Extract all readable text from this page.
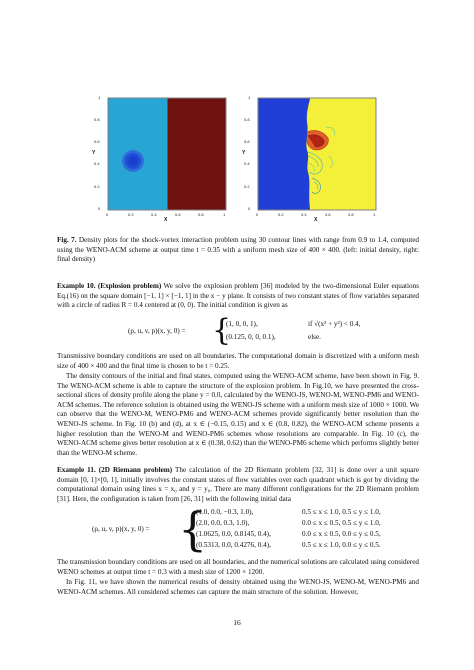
1
0.8
0.6
0.4
0.2
0
Y
0	0.2	0.4	0.6	0.8	1
X
1
0.8
0.6
0.4
0.2
0
Y
0	0.2	0.4	0.6	0.8	1
X
Fig. 7. Density plots for the shock-vortex interaction problem using 30 contour lines with range from 0.9 to 1.4, computed using the WENO-ACM scheme at output time t = 0.35 with a uniform mesh size of 400 × 400. (left: initial density, right: final density)
Example 10. (Explosion problem) We solve the explosion problem [36] modeled by the two-dimensional Euler equations Eq.(16) on the square domain [−1, 1] × [−1, 1] in the x − y plane. It consists of two constant states of flow variables separated with a circle of radius R = 0.4 centered at (0, 0). The initial condition is given as
(ρ, u, v, p)(x, y, 0) = {
(1, 0, 0, 1),	if √(x² + y²) < 0.4,
(0.125, 0, 0, 0.1),	else.
Transmissive boundary conditions are used on all boundaries. The computational domain is discretized with a uniform mesh size of 400 × 400 and the final time is chosen to be t = 0.25.
The density contours of the initial and final states, computed using the WENO-ACM scheme, have been shown in Fig. 9. The WENO-ACM scheme is able to capture the structure of the explosion problem. In Fig.10, we have presented the cross-sectional slices of density profile along the plane y = 0.0, calculated by the WENO-JS, WENO-M, WENO-PM6 and WENO-ACM schemes. The reference solution is obtained using the WENO-JS scheme with a uniform mesh size of 1000 × 1000. We can observe that the WENO-M, WENO-PM6 and WENO-ACM schemes provide significantly better resolution than the WENO-JS scheme. In Fig. 10 (b) and (d), at x ∈ (−0.15, 0.15) and x ∈ (0.8, 0.82), the WENO-ACM scheme presents a higher resolution than the WENO-M and WENO-PM6 schemes whose resolutions are comparable. In Fig. 10 (c), the WENO-ACM scheme gives better resolution at x ∈ (0.38, 0.62) than the WENO-PM6 scheme which performs slightly better than the WENO-M scheme.
Example 11. (2D Riemann problem) The calculation of the 2D Riemann problem [32, 31] is done over a unit square domain [0, 1]×[0, 1], initially involves the constant states of flow variables over each quadrant which is got by dividing the computational domain using lines x = x₀ and y = y₀. There are many different configurations for the 2D Riemann problem [31]. Here, the configuration is taken from [26, 31] with the following initial data
(ρ, u, v, p)(x, y, 0) = {
(1.0, 0.0, −0.3, 1.0),	0.5 ≤ x ≤ 1.0, 0.5 ≤ y ≤ 1.0,
(2.0, 0.0, 0.3, 1.0),	0.0 ≤ x ≤ 0.5, 0.5 ≤ y ≤ 1.0,
(1.0625, 0.0, 0.8145, 0.4),	0.0 ≤ x ≤ 0.5, 0.0 ≤ y ≤ 0.5,
(0.5313, 0.0, 0.4276, 0.4),	0.5 ≤ x ≤ 1.0, 0.0 ≤ y ≤ 0.5.
The transmission boundary conditions are used on all boundaries, and the numerical solutions are calculated using considered WENO schemes at output time t = 0.3 with a mesh size of 1200 × 1200.
In Fig. 11, we have shown the numerical results of density obtained using the WENO-JS, WENO-M, WENO-PM6 and WENO-ACM schemes. All considered schemes can capture the main structure of the solution. However,
16
